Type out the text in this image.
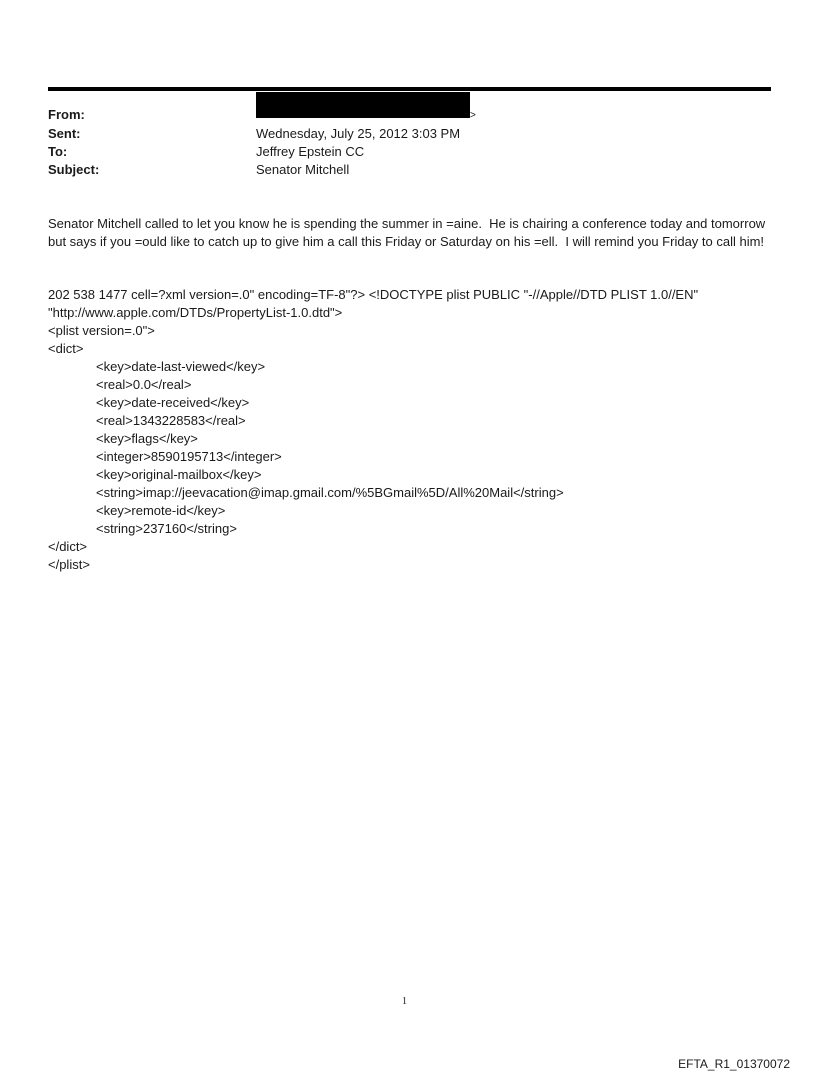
From:	>
Sent:	Wednesday, July 25, 2012 3:03 PM
To:	Jeffrey Epstein CC
Subject:	Senator Mitchell

Senator Mitchell called to let you know he is spending the summer in =aine.  He is chairing a conference today and tomorrow but says if you =ould like to catch up to give him a call this Friday or Saturday on his =ell.  I will remind you Friday to call him!

202 538 1477 cell=?xml version=.0" encoding=TF-8"?> <!DOCTYPE plist PUBLIC "-//Apple//DTD PLIST 1.0//EN"
"http://www.apple.com/DTDs/PropertyList-1.0.dtd">
<plist version=.0">
<dict>
<key>date-last-viewed</key>
<real>0.0</real>
<key>date-received</key>
<real>1343228583</real>
<key>flags</key>
<integer>8590195713</integer>
<key>original-mailbox</key>
<string>imap://jeevacation@imap.gmail.com/%5BGmail%5D/All%20Mail</string>
<key>remote-id</key>
<string>237160</string>
</dict>
</plist>
1
EFTA_R1_01370072
